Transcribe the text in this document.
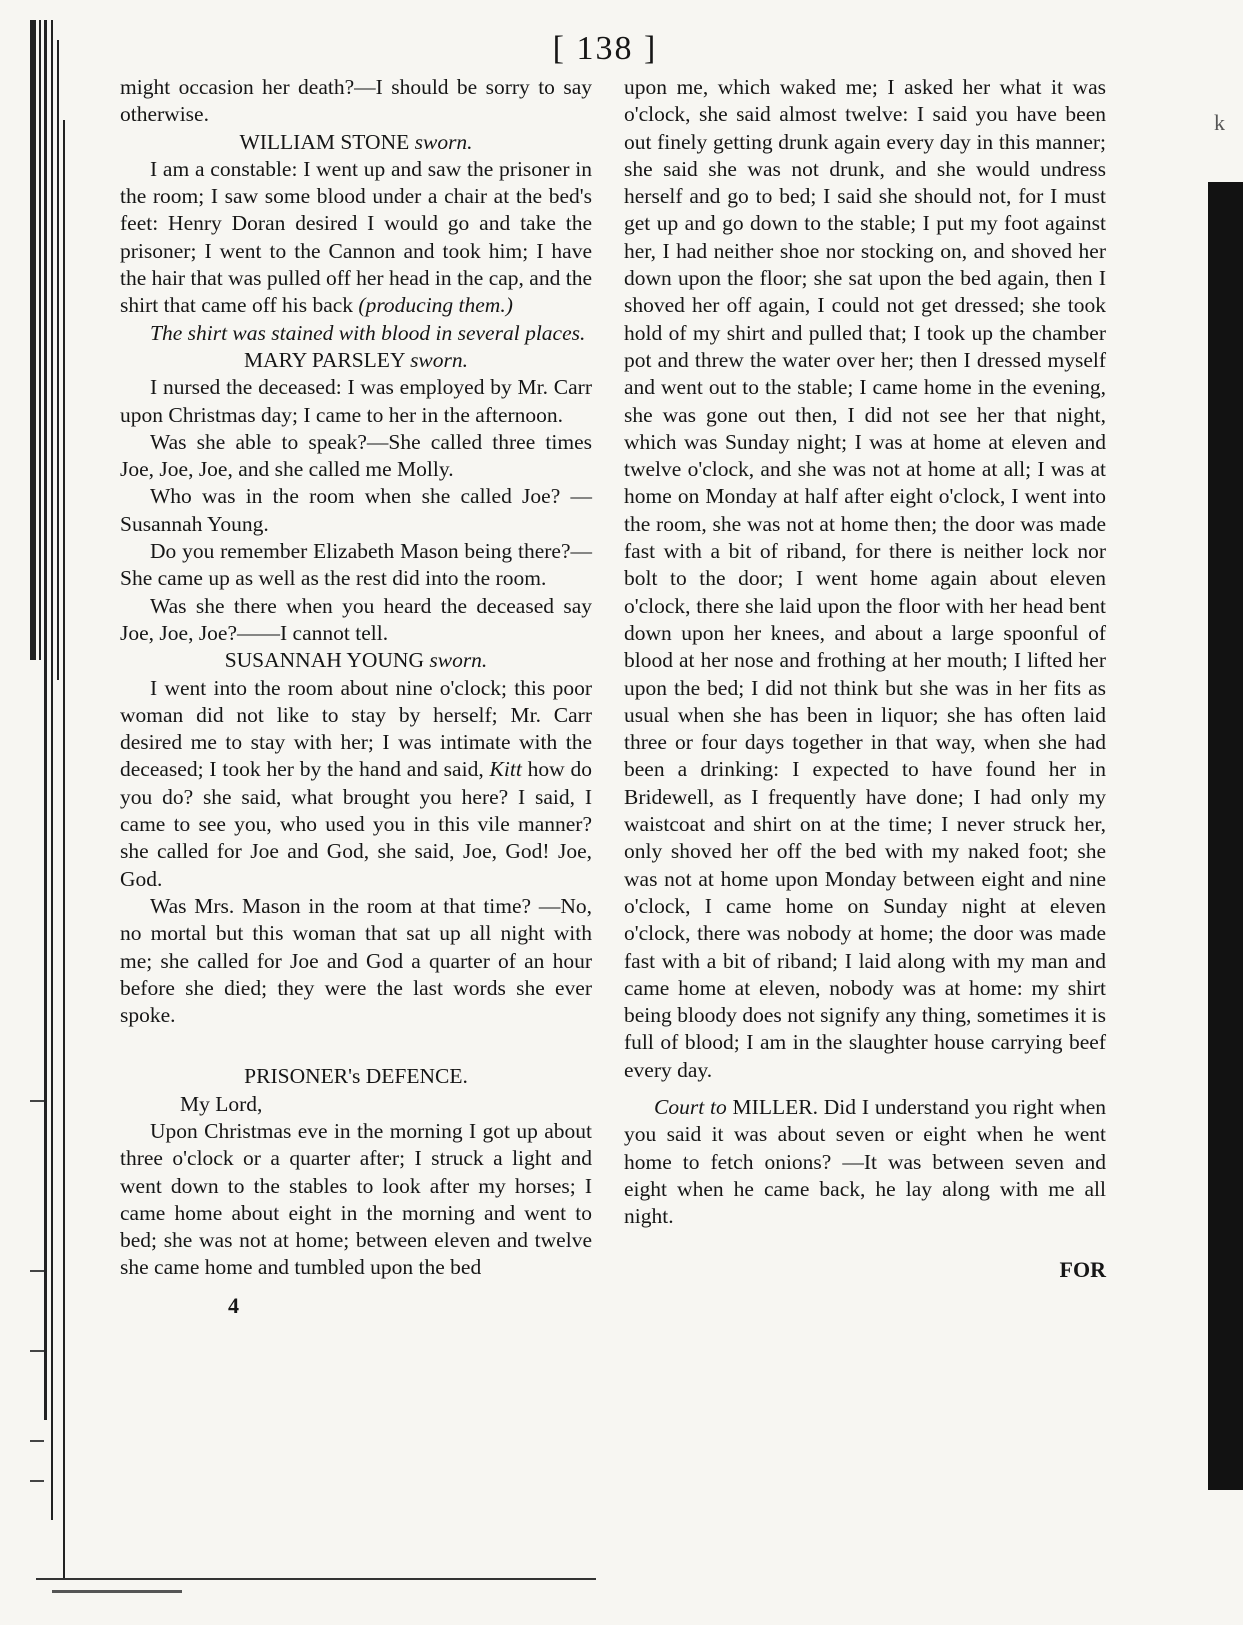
k
[ 138 ]

might occasion her death?—I should be sorry to say otherwise.

WILLIAM STONE sworn.

I am a constable: I went up and saw the prisoner in the room; I saw some blood under a chair at the bed's feet: Henry Doran desired I would go and take the prisoner; I went to the Cannon and took him; I have the hair that was pulled off her head in the cap, and the shirt that came off his back (producing them.)

The shirt was stained with blood in several places.

MARY PARSLEY sworn.

I nursed the deceased: I was employed by Mr. Carr upon Christmas day; I came to her in the afternoon.

Was she able to speak?—She called three times Joe, Joe, Joe, and she called me Molly.

Who was in the room when she called Joe? —Susannah Young.

Do you remember Elizabeth Mason being there?—She came up as well as the rest did into the room.

Was she there when you heard the deceased say Joe, Joe, Joe?——I cannot tell.

SUSANNAH YOUNG sworn.

I went into the room about nine o'clock; this poor woman did not like to stay by herself; Mr. Carr desired me to stay with her; I was intimate with the deceased; I took her by the hand and said, Kitt how do you do? she said, what brought you here? I said, I came to see you, who used you in this vile manner? she called for Joe and God, she said, Joe, God! Joe, God.

Was Mrs. Mason in the room at that time? —No, no mortal but this woman that sat up all night with me; she called for Joe and God a quarter of an hour before she died; they were the last words she ever spoke.

PRISONER's DEFENCE.

My Lord,

Upon Christmas eve in the morning I got up about three o'clock or a quarter after; I struck a light and went down to the stables to look after my horses; I came home about eight in the morning and went to bed; she was not at home; between eleven and twelve she came home and tumbled upon the bed

4

upon me, which waked me; I asked her what it was o'clock, she said almost twelve: I said you have been out finely getting drunk again every day in this manner; she said she was not drunk, and she would undress herself and go to bed; I said she should not, for I must get up and go down to the stable; I put my foot against her, I had neither shoe nor stocking on, and shoved her down upon the floor; she sat upon the bed again, then I shoved her off again, I could not get dressed; she took hold of my shirt and pulled that; I took up the chamber pot and threw the water over her; then I dressed myself and went out to the stable; I came home in the evening, she was gone out then, I did not see her that night, which was Sunday night; I was at home at eleven and twelve o'clock, and she was not at home at all; I was at home on Monday at half after eight o'clock, I went into the room, she was not at home then; the door was made fast with a bit of riband, for there is neither lock nor bolt to the door; I went home again about eleven o'clock, there she laid upon the floor with her head bent down upon her knees, and about a large spoonful of blood at her nose and frothing at her mouth; I lifted her upon the bed; I did not think but she was in her fits as usual when she has been in liquor; she has often laid three or four days together in that way, when she had been a drinking: I expected to have found her in Bridewell, as I frequently have done; I had only my waistcoat and shirt on at the time; I never struck her, only shoved her off the bed with my naked foot; she was not at home upon Monday between eight and nine o'clock, I came home on Sunday night at eleven o'clock, there was nobody at home; the door was made fast with a bit of riband; I laid along with my man and came home at eleven, nobody was at home: my shirt being bloody does not signify any thing, sometimes it is full of blood; I am in the slaughter house carrying beef every day.

Court to MILLER. Did I understand you right when you said it was about seven or eight when he went home to fetch onions? —It was between seven and eight when he came back, he lay along with me all night.

FOR
